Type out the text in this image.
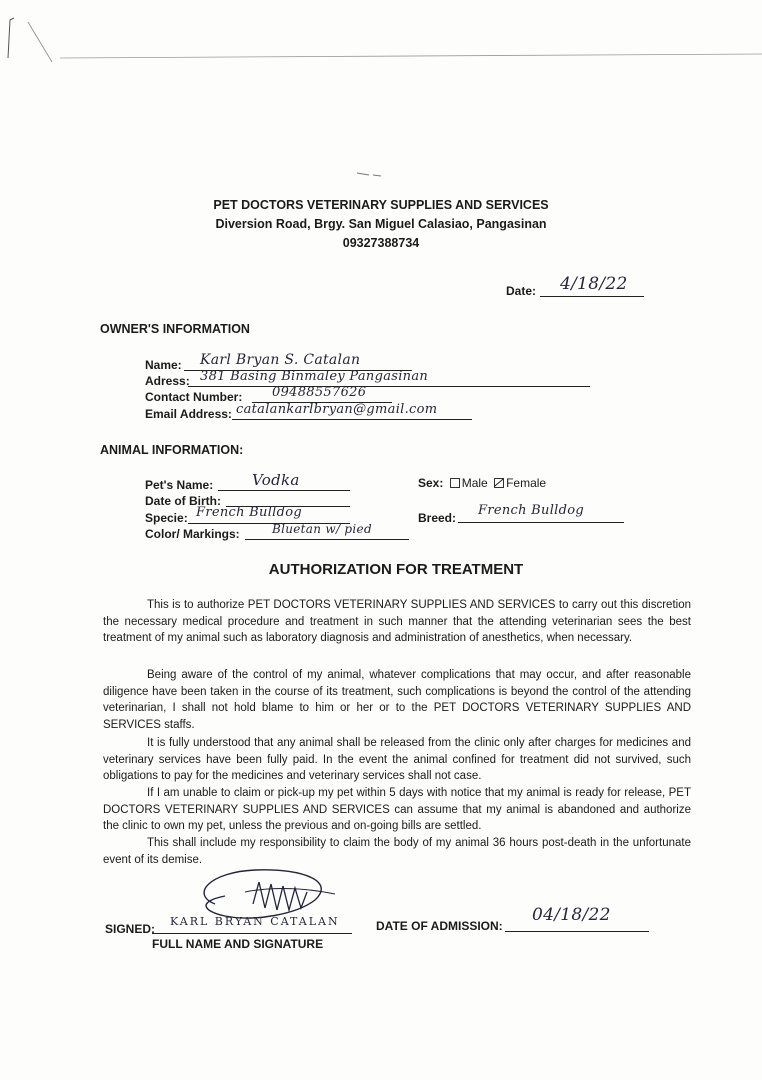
PET DOCTORS VETERINARY SUPPLIES AND SERVICES
Diversion Road, Brgy. San Miguel Calasiao, Pangasinan
09327388734
Date: 4/18/22
OWNER'S INFORMATION
Name: Karl Bryan S. Catalan
Adress: 381 Basing Binmaley Pangasinan
Contact Number: 09488557626
Email Address: catalankarlbryan@gmail.com
ANIMAL INFORMATION:
Pet's Name:	Vodka
Date of Birth:
Specie: French Bulldog
Color/ Markings:	Bluetan w/ pied
Sex: Male Female
Breed: French Bulldog
AUTHORIZATION FOR TREATMENT

This is to authorize PET DOCTORS VETERINARY SUPPLIES AND SERVICES to carry out this discretion the necessary medical procedure and treatment in such manner that the attending veterinarian sees the best treatment of my animal such as laboratory diagnosis and administration of anesthetics, when necessary.

Being aware of the control of my animal, whatever complications that may occur, and after reasonable diligence have been taken in the course of its treatment, such complications is beyond the control of the attending veterinarian, I shall not hold blame to him or her or to the PET DOCTORS VETERINARY SUPPLIES AND SERVICES staffs.

It is fully understood that any animal shall be released from the clinic only after charges for medicines and veterinary services have been fully paid. In the event the animal confined for treatment did not survived, such obligations to pay for the medicines and veterinary services shall not case.

If I am unable to claim or pick-up my pet within 5 days with notice that my animal is ready for release, PET DOCTORS VETERINARY SUPPLIES AND SERVICES can assume that my animal is abandoned and authorize the clinic to own my pet, unless the previous and on-going bills are settled.

This shall include my responsibility to claim the body of my animal 36 hours post-death in the unfortunate event of its demise.

SIGNED:
KARL BRYAN CATALAN
FULL NAME AND SIGNATURE
DATE OF ADMISSION:
04/18/22
